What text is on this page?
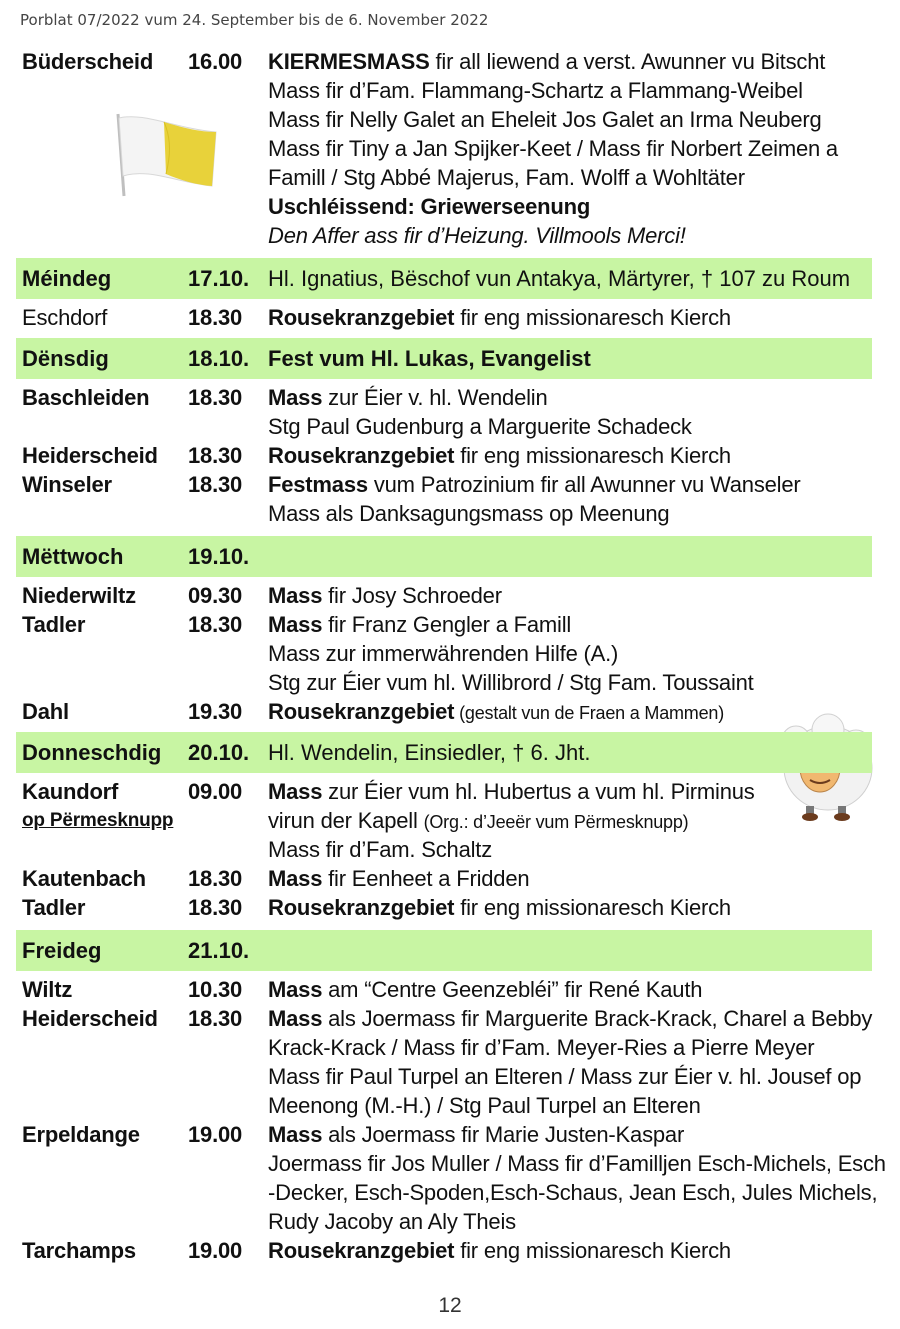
Porblat 07/2022 vum 24. September bis de 6. November 2022
Büderscheid 16.00 KIERMESMASS fir all liewend a verst. Awunner vu Bitscht
Mass fir d’Fam. Flammang-Schartz a Flammang-Weibel
Mass fir Nelly Galet an Eheleit Jos Galet an Irma Neuberg
Mass fir Tiny a Jan Spijker-Keet / Mass fir Norbert Zeimen a
Famill / Stg Abbé Majerus, Fam. Wolff a Wohltäter
Uschléissend: Griewerseenung
Den Affer ass fir d’Heizung. Villmools Merci!
Méindeg	17.10. Hl. Ignatius, Bëschof vun Antakya, Märtyrer, † 107 zu Roum
Eschdorf	18.30 Rousekranzgebiet fir eng missionaresch Kierch
Dënsdig	18.10. Fest vum Hl. Lukas, Evangelist
Baschleiden 18.30 Mass zur Éier v. hl. Wendelin
Stg Paul Gudenburg a Marguerite Schadeck
Heiderscheid 18.30 Rousekranzgebiet fir eng missionaresch Kierch
Winseler	18.30 Festmass vum Patrozinium fir all Awunner vu Wanseler
Mass als Danksagungsmass op Meenung
Mëttwoch	19.10.
Niederwiltz 09.30 Mass fir Josy Schroeder
Tadler	18.30 Mass fir Franz Gengler a Famill
Mass zur immerwährenden Hilfe (A.)
Stg zur Éier vum hl. Willibrord / Stg Fam. Toussaint
Dahl	19.30 Rousekranzgebiet (gestalt vun de Fraen a Mammen)
Donneschdig 20.10. Hl. Wendelin, Einsiedler, † 6. Jht.
Kaundorf	09.00 Mass zur Éier vum hl. Hubertus a vum hl. Pirminus
op Përmesknupp	virun der Kapell (Org.: d’Jeeër vum Përmesknupp)
Mass fir d’Fam. Schaltz
Kautenbach 18.30 Mass fir Eenheet a Fridden
Tadler	18.30 Rousekranzgebiet fir eng missionaresch Kierch
Freideg	21.10.
Wiltz	10.30 Mass am “Centre Geenzebléi” fir René Kauth
Heiderscheid 18.30 Mass als Joermass fir Marguerite Brack-Krack, Charel a Bebby
Krack-Krack / Mass fir d’Fam. Meyer-Ries a Pierre Meyer
Mass fir Paul Turpel an Elteren / Mass zur Éier v. hl. Jousef op
Meenong (M.-H.) / Stg Paul Turpel an Elteren
Erpeldange 19.00 Mass als Joermass fir Marie Justen-Kaspar
Joermass fir Jos Muller / Mass fir d’Familljen Esch-Michels, Esch
-Decker, Esch-Spoden,Esch-Schaus, Jean Esch, Jules Michels,
Rudy Jacoby an Aly Theis
Tarchamps 19.00 Rousekranzgebiet fir eng missionaresch Kierch
12
